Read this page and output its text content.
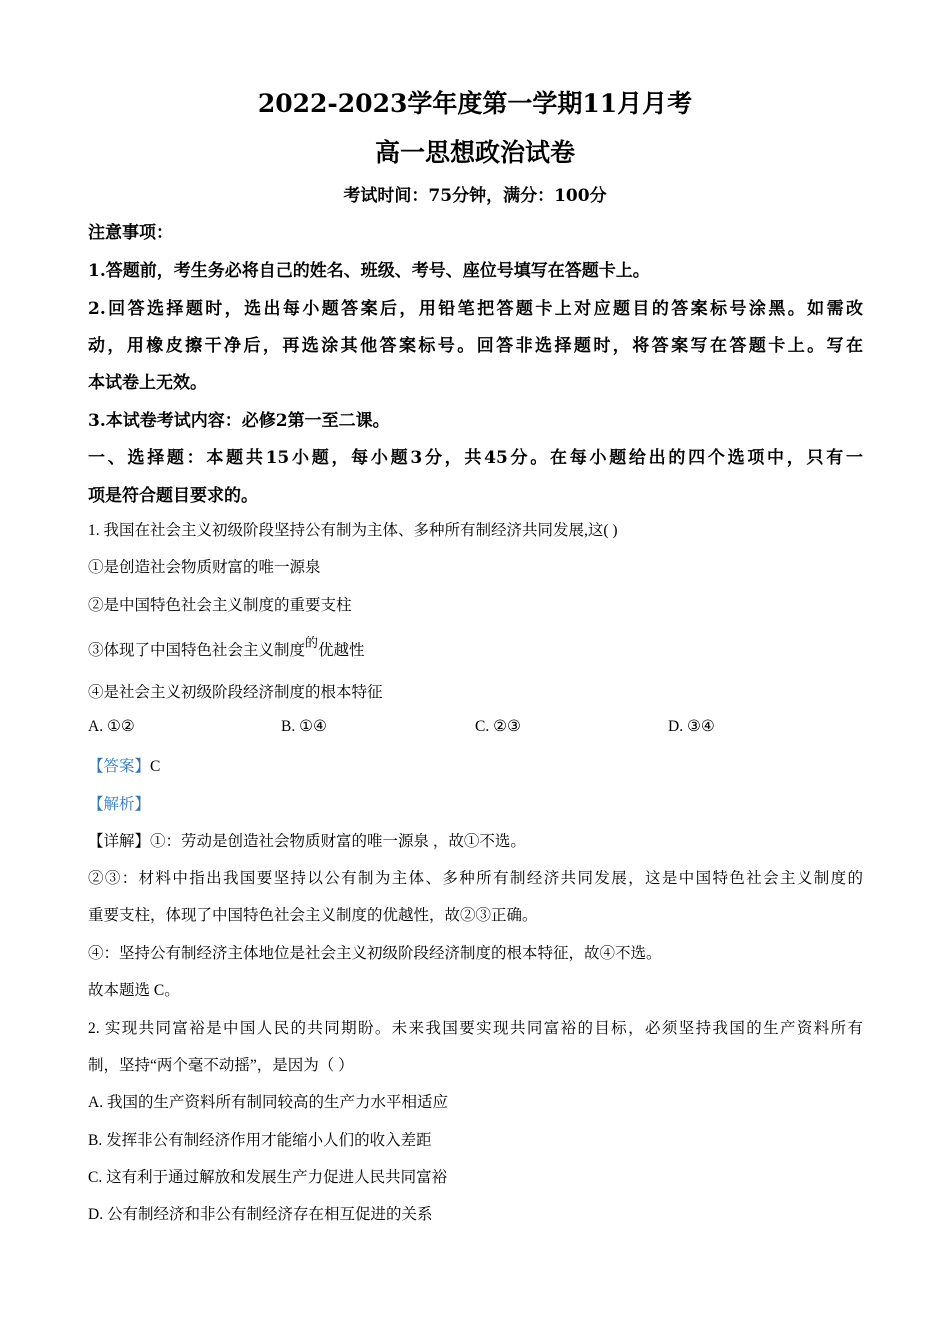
2022-2023学年度第一学期11月月考
高一思想政治试卷
考试时间：75分钟，满分：100分
注意事项：
1.答题前，考生务必将自己的姓名、班级、考号、座位号填写在答题卡上。
2.回答选择题时，选出每小题答案后，用铅笔把答题卡上对应题目的答案标号涂黑。如需改
动，用橡皮擦干净后，再选涂其他答案标号。回答非选择题时，将答案写在答题卡上。写在
本试卷上无效。
3.本试卷考试内容：必修2第一至二课。
一、选择题：本题共15小题，每小题3分，共45分。在每小题给出的四个选项中，只有一
项是符合题目要求的。
1. 我国在社会主义初级阶段坚持公有制为主体、多种所有制经济共同发展,这( )
①是创造社会物质财富的唯一源泉
②是中国特色社会主义制度的重要支柱
③体现了中国特色社会主义制度$^的$优越性
④是社会主义初级阶段经济制度的根本特征
A. ①②	B. ①④	C. ②③	D. ③④
【答案】C
【解析】
【详解】①：劳动是创造社会物质财富的唯一源泉 ，故①不选。
②③：材料中指出我国要坚持以公有制为主体、多种所有制经济共同发展，这是中国特色社会主义制度的
重要支柱，体现了中国特色社会主义制度的优越性，故②③正确。
④：坚持公有制经济主体地位是社会主义初级阶段经济制度的根本特征，故④不选。
故本题选 C。
2. 实现共同富裕是中国人民的共同期盼。未来我国要实现共同富裕的目标，必须坚持我国的生产资料所有
制，坚持“两个毫不动摇”，是因为（ ）
A. 我国的生产资料所有制同较高的生产力水平相适应
B. 发挥非公有制经济作用才能缩小人们的收入差距
C. 这有利于通过解放和发展生产力促进人民共同富裕
D. 公有制经济和非公有制经济存在相互促进的关系
